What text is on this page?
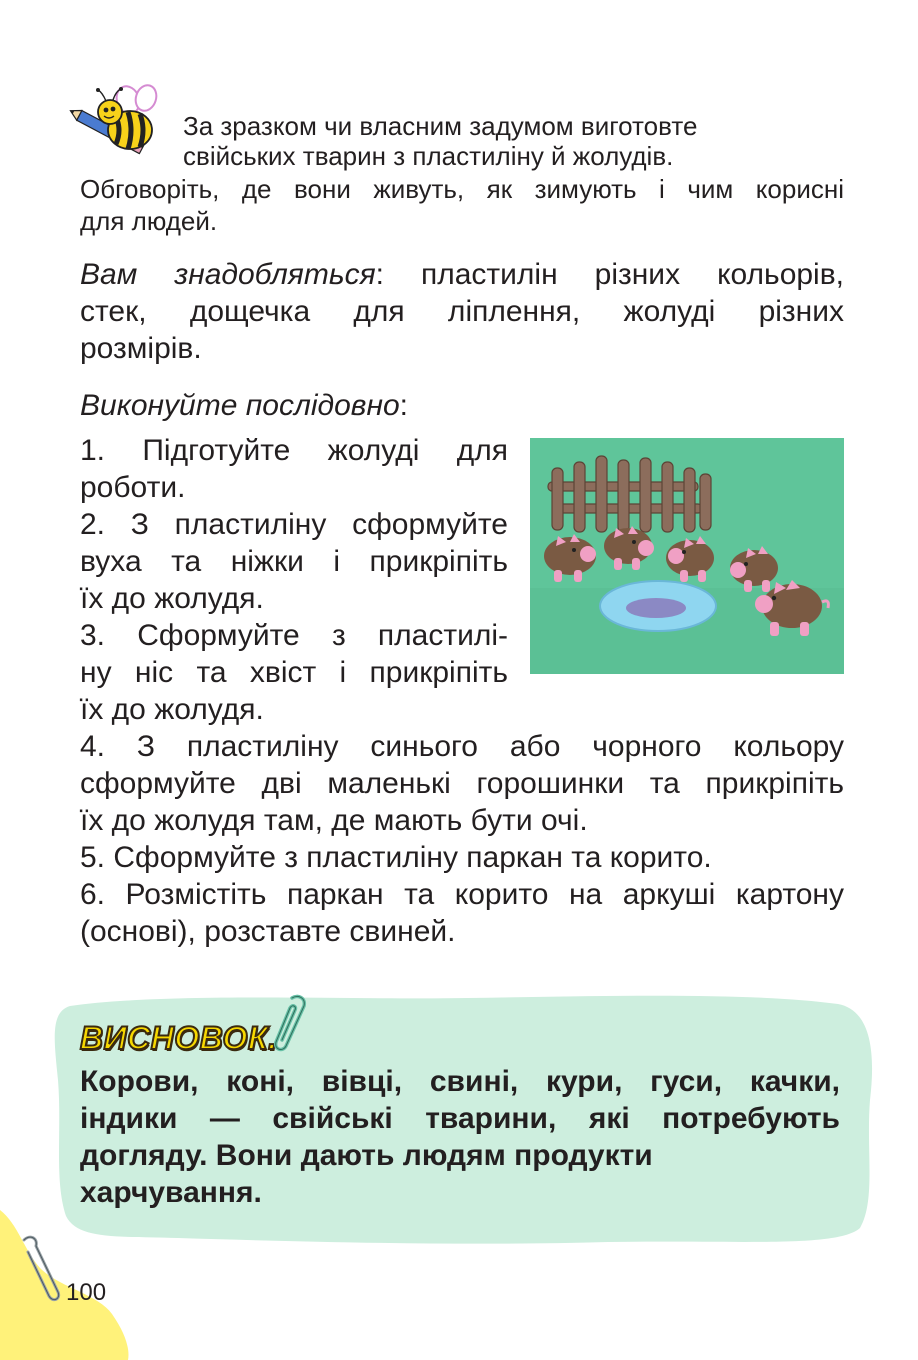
За зразком чи власним задумом виготовте
свійських тварин з пластиліну й жолудів.
Обговоріть, де вони живуть, як зимують і чим корисні
для людей.
Вам знадобляться: пластилін різних кольорів,
стек, дощечка для ліплення, жолуді різних
розмірів.
Виконуйте послідовно:
1. Підготуйте жолуді для
роботи.
2. З пластиліну сформуйте
вуха та ніжки і прикріпіть
їх до жолудя.
3. Сформуйте з пластилі-
ну ніс та хвіст і прикріпіть
їх до жолудя.
4. З пластиліну синього або чорного кольору
сформуйте дві маленькі горошинки та прикріпіть
їх до жолудя там, де мають бути очі.
5. Сформуйте з пластиліну паркан та корито.
6. Розмістіть паркан та корито на аркуші картону
(основі), розставте свиней.
ВИСНОВОК.
Корови, коні, вівці, свині, кури, гуси, качки,
індики — свійські тварини, які потребують
догляду. Вони дають людям продукти
харчування.
100
